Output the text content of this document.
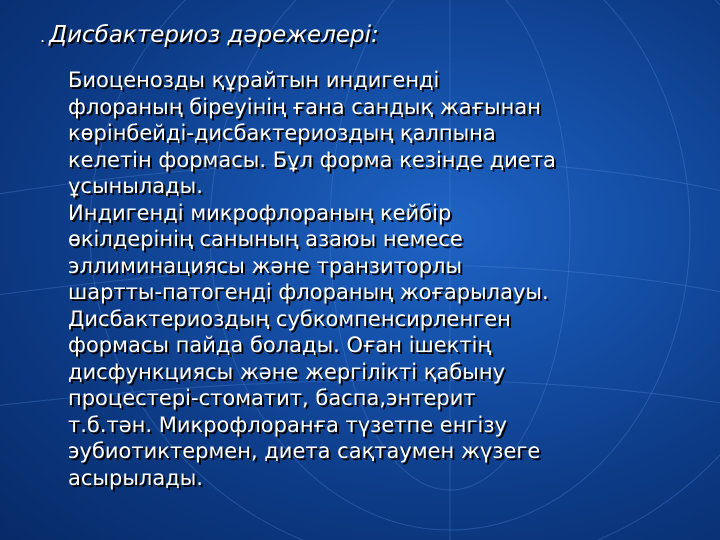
. Дисбактериоз дәрежелері:
Биоценозды құрайтын индигенді
флораның біреуінің ғана сандық жағынан
көрінбейді-дисбактериоздың қалпына
келетін формасы. Бұл форма кезінде диета
ұсынылады.
Индигенді микрофлораның кейбір
өкілдерінің санының азаюы немесе
эллиминациясы және транзиторлы
шартты-патогенді флораның жоғарылауы.
Дисбактериоздың субкомпенсирленген
формасы пайда болады. Оған ішектің
дисфункциясы және жергілікті қабыну
процестері-стоматит, баспа,энтерит
т.б.тән. Микрофлоранға түзетпе енгізу
эубиотиктермен, диета сақтаумен жүзеге
асырылады.
